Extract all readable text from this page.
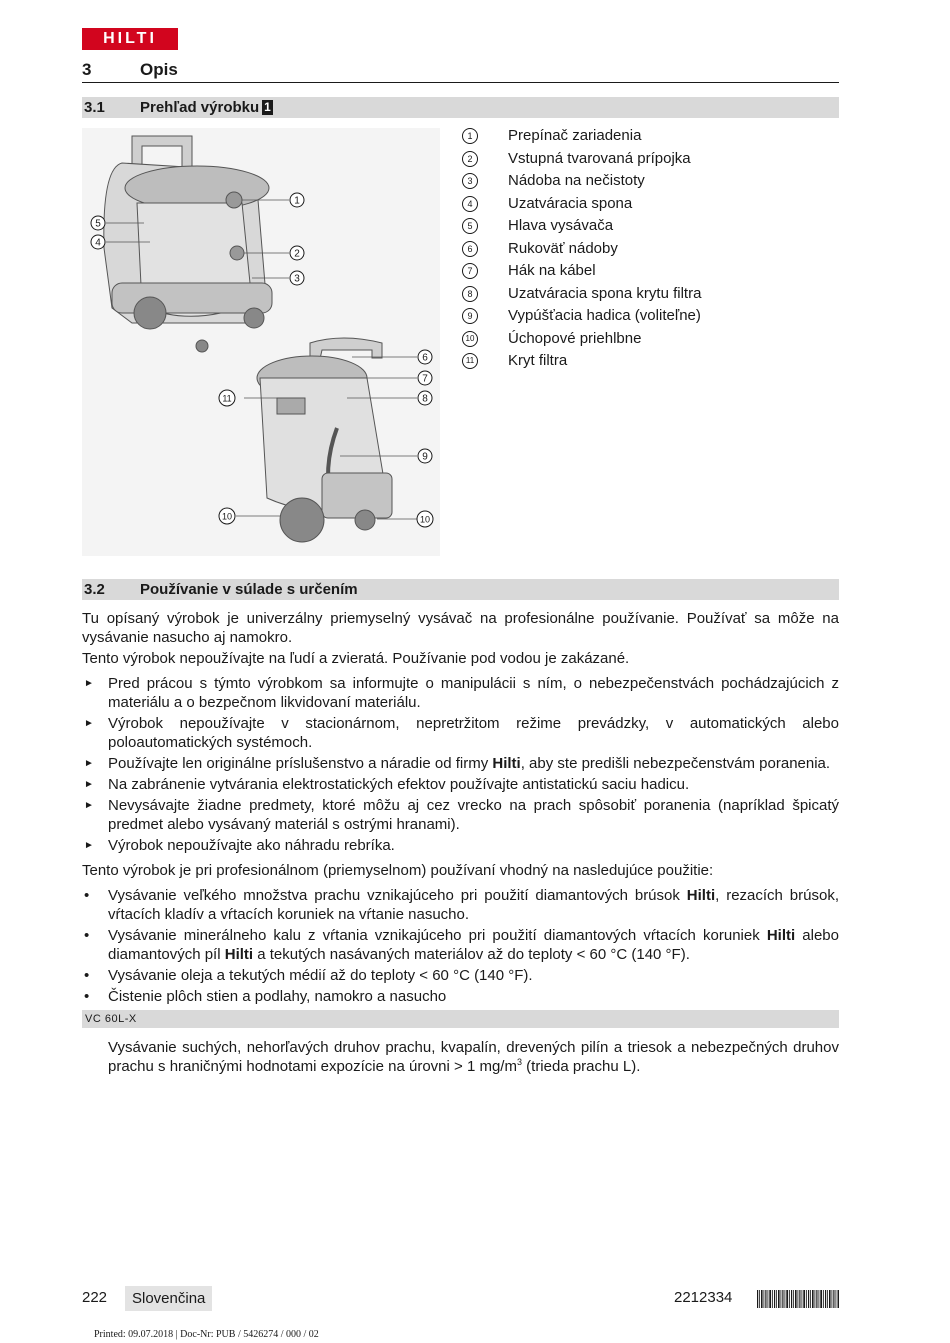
HILTI
3	Opis
3.1 Prehľad výrobku 1
1
2
3
4
5
6
7
8
9
10	10
11
1	Prepínač zariadenia
2	Vstupná tvarovaná prípojka
3	Nádoba na nečistoty
4	Uzatváracia spona
5	Hlava vysávača
6	Rukoväť nádoby
7	Hák na kábel
8	Uzatváracia spona krytu filtra
9	Vypúšťacia hadica (voliteľne)
10 Úchopové priehlbne
11 Kryt filtra
3.2 Používanie v súlade s určením

Tu opísaný výrobok je univerzálny priemyselný vysávač na profesionálne používanie. Používať sa môže na vysávanie nasucho aj namokro.

Tento výrobok nepoužívajte na ľudí a zvieratá. Používanie pod vodou je zakázané.

► Pred prácou s týmto výrobkom sa informujte o manipulácii s ním, o nebezpečenstvách pochádzajúcich z materiálu a o bezpečnom likvidovaní materiálu.
► Výrobok nepoužívajte v stacionárnom, nepretržitom režime prevádzky, v automatických alebo poloautomatických systémoch.
► Používajte len originálne príslušenstvo a náradie od firmy Hilti, aby ste predišli nebezpečenstvám poranenia.
► Na zabránenie vytvárania elektrostatických efektov používajte antistatickú saciu hadicu.
► Nevysávajte žiadne predmety, ktoré môžu aj cez vrecko na prach spôsobiť poranenia (napríklad špicatý predmet alebo vysávaný materiál s ostrými hranami).
► Výrobok nepoužívajte ako náhradu rebríka.

Tento výrobok je pri profesionálnom (priemyselnom) používaní vhodný na nasledujúce použitie:

• Vysávanie veľkého množstva prachu vznikajúceho pri použití diamantových brúsok Hilti, rezacích brúsok, vŕtacích kladív a vŕtacích koruniek na vŕtanie nasucho.
• Vysávanie minerálneho kalu z vŕtania vznikajúceho pri použití diamantových vŕtacích koruniek Hilti alebo diamantových píl Hilti a tekutých nasávaných materiálov až do teploty < 60 °C (140 °F).
• Vysávanie oleja a tekutých médií až do teploty < 60 °C (140 °F).
• Čistenie plôch stien a podlahy, namokro a nasucho
VC 60L-X
Vysávanie suchých, nehorľavých druhov prachu, kvapalín, drevených pilín a triesok a nebezpečných druhov prachu s hraničnými hodnotami expozície na úrovni > 1 $mg/m^3$ (trieda prachu L).
222	Slovenčina	2212334
Printed: 09.07.2018 | Doc-Nr: PUB / 5426274 / 000 / 02
